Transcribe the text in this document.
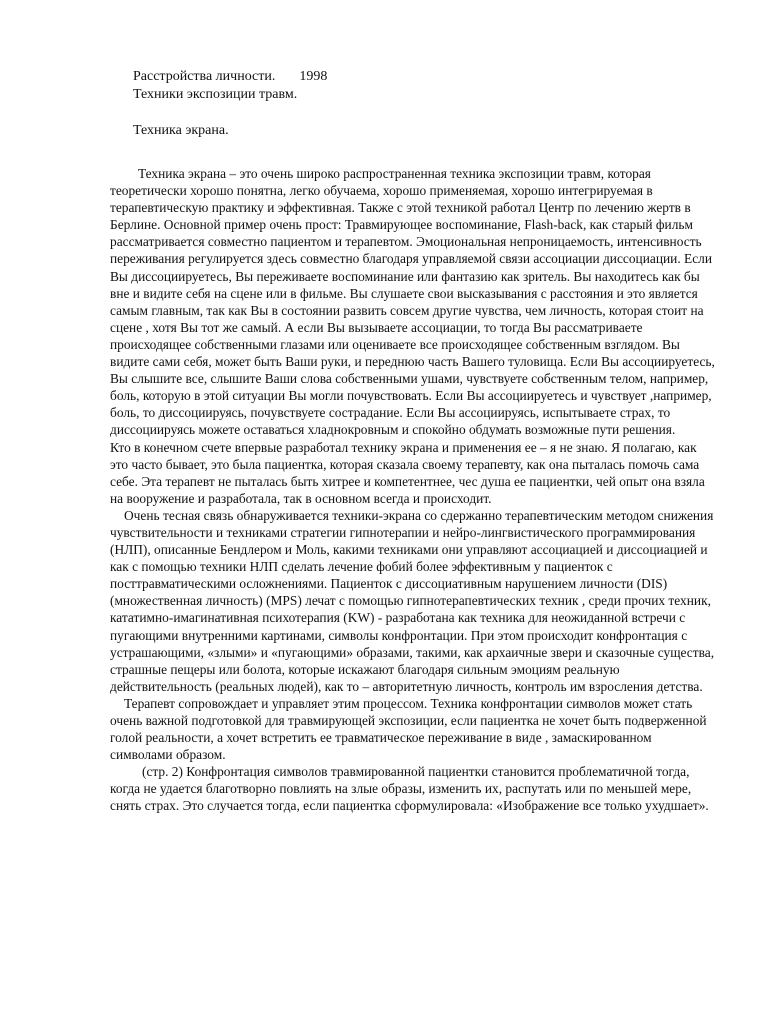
Расстройства личности. 1998
Техники экспозиции травм.
Техника экрана.

Техника экрана – это очень широко распространенная техника экспозиции травм, которая теоретически хорошо понятна, легко обучаема, хорошо применяемая, хорошо интегрируемая в терапевтическую практику и эффективная. Также с этой техникой работал Центр по лечению жертв в Берлине. Основной пример очень прост: Травмирующее воспоминание, Flash-back, как старый фильм рассматривается совместно пациентом и терапевтом. Эмоциональная непроницаемость, интенсивность переживания регулируется здесь совместно благодаря управляемой связи ассоциации диссоциации. Если Вы диссоциируетесь, Вы переживаете воспоминание или фантазию как зритель. Вы находитесь как бы вне и видите себя на сцене или в фильме. Вы слушаете свои высказывания с расстояния и это является самым главным, так как Вы в состоянии развить совсем другие чувства, чем личность, которая стоит на сцене , хотя Вы тот же самый. А если Вы вызываете ассоциации, то тогда Вы рассматриваете происходящее собственными глазами или оцениваете все происходящее собственным взглядом. Вы видите сами себя, может быть Ваши руки, и переднюю часть Вашего туловища. Если Вы ассоциируетесь, Вы слышите все, слышите Ваши слова собственными ушами, чувствуете собственным телом, например, боль, которую в этой ситуации Вы могли почувствовать. Если Вы ассоциируетесь и чувствует ,например, боль, то диссоциируясь, почувствуете сострадание. Если Вы ассоциируясь, испытываете страх, то диссоциируясь можете оставаться хладнокровным и спокойно обдумать возможные пути решения.

Кто в конечном счете впервые разработал технику экрана и применения ее – я не знаю. Я полагаю, как это часто бывает, это была пациентка, которая сказала своему терапевту, как она пыталась помочь сама себе. Эта терапевт не пыталась быть хитрее и компетентнее, чес душа ее пациентки, чей опыт она взяла на вооружение и разработала, так в основном всегда и происходит.

Очень тесная связь обнаруживается техники-экрана со сдержанно терапевтическим методом снижения чувствительности и техниками стратегии гипнотерапии и нейро-лингвистического программирования (НЛП), описанные Бендлером и Моль, какими техниками они управляют ассоциацией и диссоциацией и как с помощью техники НЛП сделать лечение фобий более эффективным у пациенток с посттравматическими осложнениями. Пациенток с диссоциативным нарушением личности (DIS) (множественная личность) (MPS) лечат с помощью гипнотерапевтических техник , среди прочих техник, кататимно-имагинативная психотерапия (KW) - разработана как техника для неожиданной встречи с пугающими внутренними картинами, символы конфронтации. При этом происходит конфронтация с устрашающими, «злыми» и «пугающими» образами, такими, как архаичные звери и сказочные существа, страшные пещеры или болота, которые искажают благодаря сильным эмоциям реальную действительность (реальных людей), как то – авторитетную личность, контроль им взросления детства.

Терапевт сопровождает и управляет этим процессом. Техника конфронтации символов может стать очень важной подготовкой для травмирующей экспозиции, если пациентка не хочет быть подверженной голой реальности, а хочет встретить ее травматическое переживание в виде , замаскированном символами образом.

(стр. 2) Конфронтация символов травмированной пациентки становится проблематичной тогда, когда не удается благотворно повлиять на злые образы, изменить их, распутать или по меньшей мере, снять страх. Это случается тогда, если пациентка сформулировала: «Изображение все только ухудшает».
